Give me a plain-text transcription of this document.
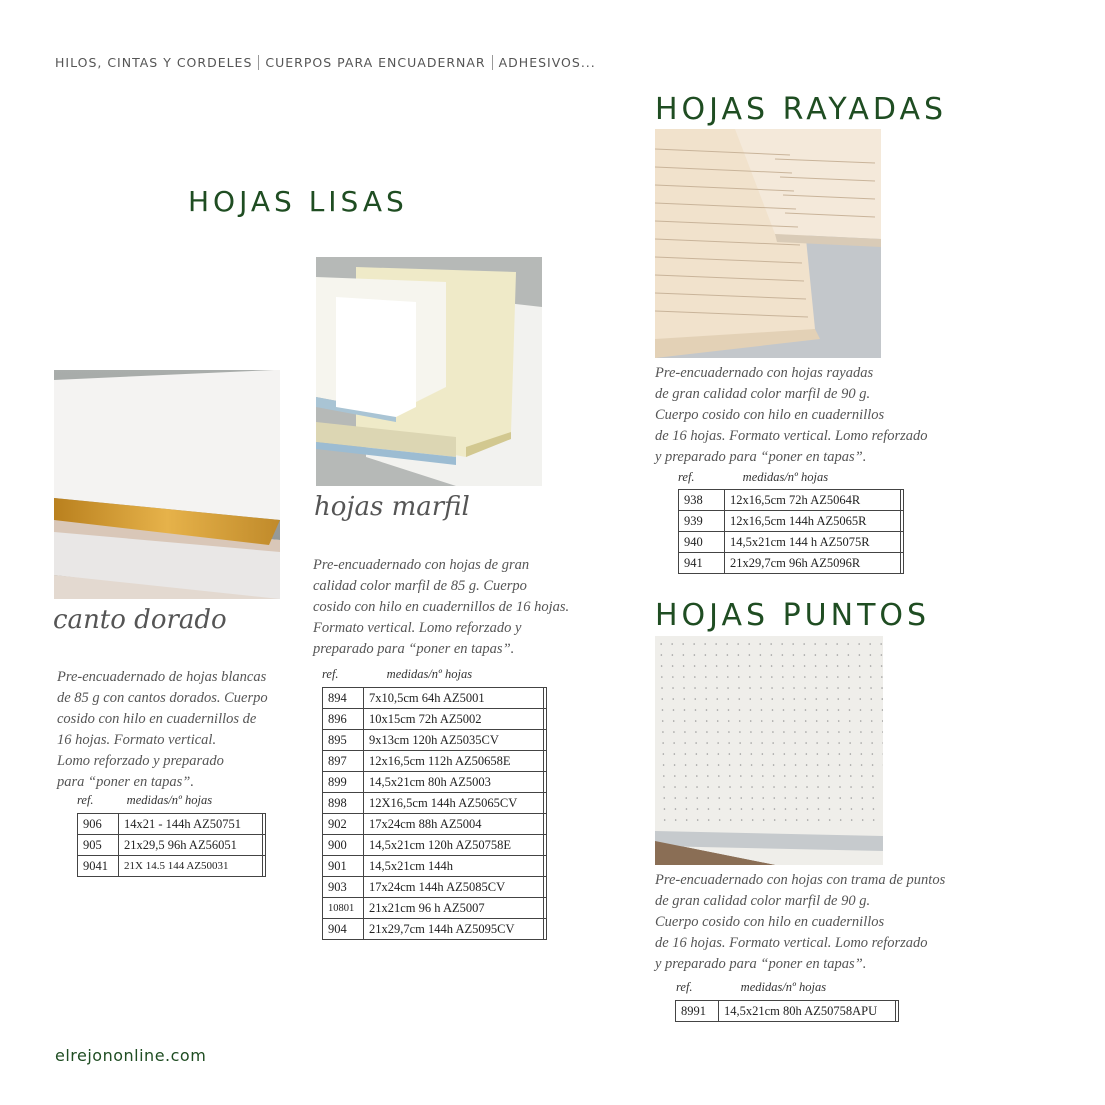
HILOS, CINTAS Y CORDELES CUERPOS PARA ENCUADERNAR ADHESIVOS...
HOJAS LISAS
HOJAS RAYADAS
HOJAS PUNTOS
canto dorado
hojas marfil
Pre-encuadernado de hojas blancas
de 85 g con cantos dorados. Cuerpo
cosido con hilo en cuadernillos de
16 hojas. Formato vertical.
Lomo reforzado y preparado
para “poner en tapas”.
Pre-encuadernado con hojas de gran
calidad color marfil de 85 g. Cuerpo
cosido con hilo en cuadernillos de 16 hojas.
Formato vertical. Lomo reforzado y
preparado para “poner en tapas”.
Pre-encuadernado con hojas rayadas
de gran calidad color marfil de 90 g.
Cuerpo cosido con hilo en cuadernillos
de 16 hojas. Formato vertical. Lomo reforzado
y preparado para “poner en tapas”.
Pre-encuadernado con hojas con trama de puntos
de gran calidad color marfil de 90 g.
Cuerpo cosido con hilo en cuadernillos
de 16 hojas. Formato vertical. Lomo reforzado
y preparado para “poner en tapas”.
ref.	medidas/nº hojas
ref.	medidas/nº hojas
ref.	medidas/nº hojas
ref.	medidas/nº hojas
906	14x21 - 144h AZ50751	
905	21x29,5 96h AZ56051	
9041	21X 14.5 144 AZ50031	
894	7x10,5cm 64h AZ5001	
896	10x15cm 72h AZ5002	
895	9x13cm 120h AZ5035CV	
897	12x16,5cm 112h AZ50658E	
899	14,5x21cm 80h AZ5003	
898	12X16,5cm 144h AZ5065CV	
902	17x24cm 88h AZ5004	
900	14,5x21cm 120h AZ50758E	
901	14,5x21cm 144h	
903	17x24cm 144h AZ5085CV	
10801	21x21cm 96 h AZ5007	
904	21x29,7cm 144h AZ5095CV	
938	12x16,5cm 72h AZ5064R	
939	12x16,5cm 144h AZ5065R	
940	14,5x21cm 144 h AZ5075R	
941	21x29,7cm 96h AZ5096R	
8991	14,5x21cm 80h AZ50758APU	
elrejononline.com
